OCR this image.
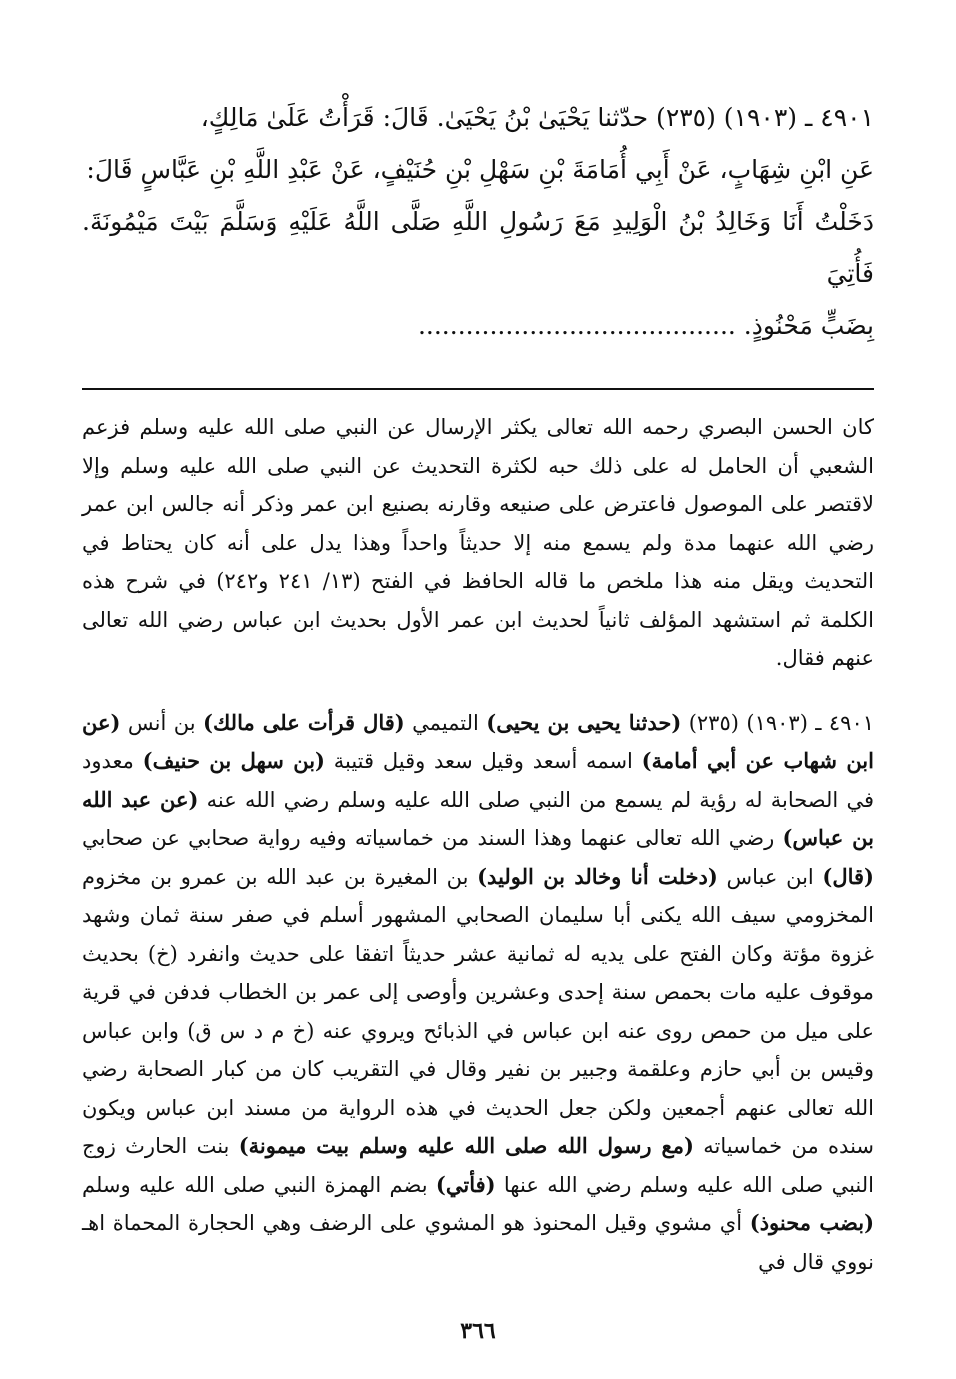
٤٩٠١ ـ (١٩٠٣) (٢٣٥) حدّثنا يَحْيَىٰ بْنُ يَحْيَىٰ. قَالَ: قَرَأْتُ عَلَىٰ مَالِكٍ،

عَنِ ابْنِ شِهَابٍ، عَنْ أَبِي أُمَامَةَ بْنِ سَهْلِ بْنِ حُنَيْفٍ، عَنْ عَبْدِ اللَّهِ بْنِ عَبَّاسٍ قَالَ:

دَخَلْتُ أَنَا وَخَالِدُ بْنُ الْوَلِيدِ مَعَ رَسُولِ اللَّهِ صَلَّى اللَّهُ عَلَيْهِ وَسَلَّمَ بَيْتَ مَيْمُونَةَ. فَأُتِيَ

بِضَبٍّ مَحْنُوذٍ. ........................................

كان الحسن البصري رحمه الله تعالى يكثر الإرسال عن النبي صلى الله عليه وسلم فزعم الشعبي أن الحامل له على ذلك حبه لكثرة التحديث عن النبي صلى الله عليه وسلم وإلا لاقتصر على الموصول فاعترض على صنيعه وقارنه بصنيع ابن عمر وذكر أنه جالس ابن عمر رضي الله عنهما مدة ولم يسمع منه إلا حديثاً واحداً وهذا يدل على أنه كان يحتاط في التحديث ويقل منه هذا ملخص ما قاله الحافظ في الفتح (١٣/ ٢٤١ و٢٤٢) في شرح هذه الكلمة ثم استشهد المؤلف ثانياً لحديث ابن عمر الأول بحديث ابن عباس رضي الله تعالى عنهم فقال.

٤٩٠١ ـ (١٩٠٣) (٢٣٥) (حدثنا يحيى بن يحيى) التميمي (قال قرأت على مالك) بن أنس (عن ابن شهاب عن أبي أمامة) اسمه أسعد وقيل سعد وقيل قتيبة (بن سهل بن حنيف) معدود في الصحابة له رؤية لم يسمع من النبي صلى الله عليه وسلم رضي الله عنه (عن عبد الله بن عباس) رضي الله تعالى عنهما وهذا السند من خماسياته وفيه رواية صحابي عن صحابي (قال) ابن عباس (دخلت أنا وخالد بن الوليد) بن المغيرة بن عبد الله بن عمرو بن مخزوم المخزومي سيف الله يكنى أبا سليمان الصحابي المشهور أسلم في صفر سنة ثمان وشهد غزوة مؤتة وكان الفتح على يديه له ثمانية عشر حديثاً اتفقا على حديث وانفرد (خ) بحديث موقوف عليه مات بحمص سنة إحدى وعشرين وأوصى إلى عمر بن الخطاب فدفن في قرية على ميل من حمص روى عنه ابن عباس في الذبائح ويروي عنه (خ م د س ق) وابن عباس وقيس بن أبي حازم وعلقمة وجبير بن نفير وقال في التقريب كان من كبار الصحابة رضي الله تعالى عنهم أجمعين ولكن جعل الحديث في هذه الرواية من مسند ابن عباس ويكون سنده من خماسياته (مع رسول الله صلى الله عليه وسلم بيت ميمونة) بنت الحارث زوج النبي صلى الله عليه وسلم رضي الله عنها (فأتي) بضم الهمزة النبي صلى الله عليه وسلم (بضب محنوذ) أي مشوي وقيل المحنوذ هو المشوي على الرضف وهي الحجارة المحماة اهـ نووي قال في

٣٦٦
